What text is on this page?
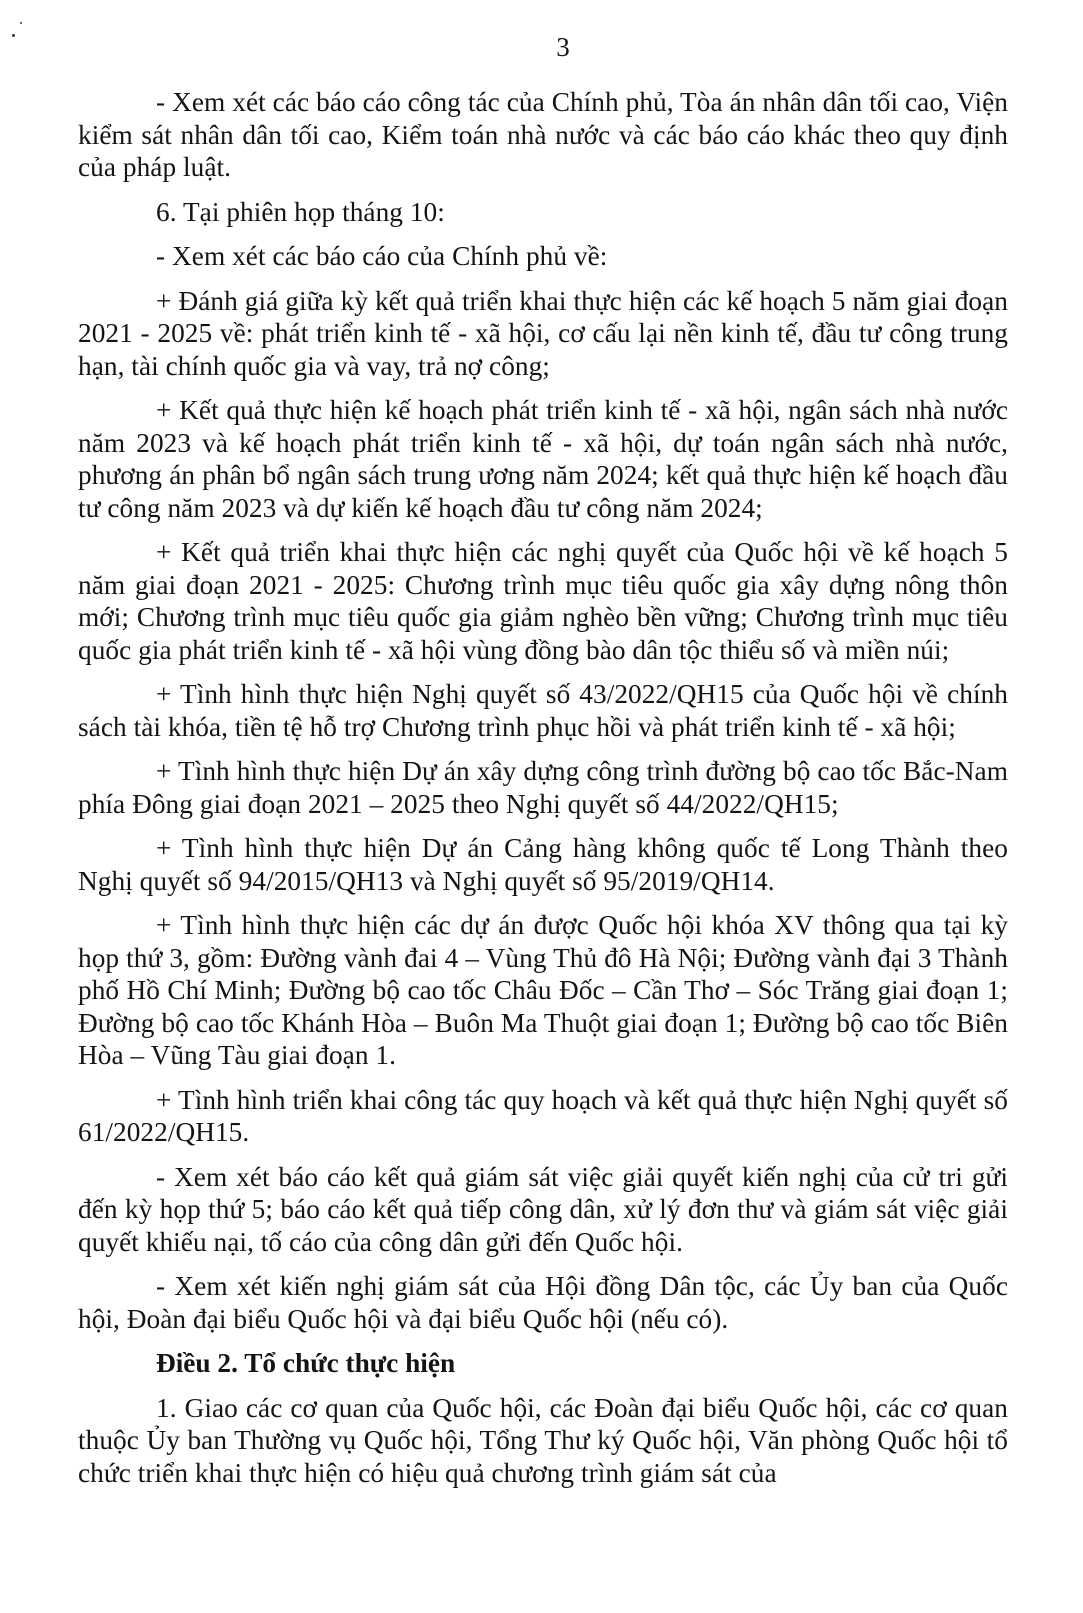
3

- Xem xét các báo cáo công tác của Chính phủ, Tòa án nhân dân tối cao, Viện kiểm sát nhân dân tối cao, Kiểm toán nhà nước và các báo cáo khác theo quy định của pháp luật.

6. Tại phiên họp tháng 10:

- Xem xét các báo cáo của Chính phủ về:

+ Đánh giá giữa kỳ kết quả triển khai thực hiện các kế hoạch 5 năm giai đoạn 2021 - 2025 về: phát triển kinh tế - xã hội, cơ cấu lại nền kinh tế, đầu tư công trung hạn, tài chính quốc gia và vay, trả nợ công;

+ Kết quả thực hiện kế hoạch phát triển kinh tế - xã hội, ngân sách nhà nước năm 2023 và kế hoạch phát triển kinh tế - xã hội, dự toán ngân sách nhà nước, phương án phân bổ ngân sách trung ương năm 2024; kết quả thực hiện kế hoạch đầu tư công năm 2023 và dự kiến kế hoạch đầu tư công năm 2024;

+ Kết quả triển khai thực hiện các nghị quyết của Quốc hội về kế hoạch 5 năm giai đoạn 2021 - 2025: Chương trình mục tiêu quốc gia xây dựng nông thôn mới; Chương trình mục tiêu quốc gia giảm nghèo bền vững; Chương trình mục tiêu quốc gia phát triển kinh tế - xã hội vùng đồng bào dân tộc thiểu số và miền núi;

+ Tình hình thực hiện Nghị quyết số 43/2022/QH15 của Quốc hội về chính sách tài khóa, tiền tệ hỗ trợ Chương trình phục hồi và phát triển kinh tế - xã hội;

+ Tình hình thực hiện Dự án xây dựng công trình đường bộ cao tốc Bắc-Nam phía Đông giai đoạn 2021 – 2025 theo Nghị quyết số 44/2022/QH15;

+ Tình hình thực hiện Dự án Cảng hàng không quốc tế Long Thành theo Nghị quyết số 94/2015/QH13 và Nghị quyết số 95/2019/QH14.

+ Tình hình thực hiện các dự án được Quốc hội khóa XV thông qua tại kỳ họp thứ 3, gồm: Đường vành đai 4 – Vùng Thủ đô Hà Nội; Đường vành đại 3 Thành phố Hồ Chí Minh; Đường bộ cao tốc Châu Đốc – Cần Thơ – Sóc Trăng giai đoạn 1; Đường bộ cao tốc Khánh Hòa – Buôn Ma Thuột giai đoạn 1; Đường bộ cao tốc Biên Hòa – Vũng Tàu giai đoạn 1.

+ Tình hình triển khai công tác quy hoạch và kết quả thực hiện Nghị quyết số 61/2022/QH15.

- Xem xét báo cáo kết quả giám sát việc giải quyết kiến nghị của cử tri gửi đến kỳ họp thứ 5; báo cáo kết quả tiếp công dân, xử lý đơn thư và giám sát việc giải quyết khiếu nại, tố cáo của công dân gửi đến Quốc hội.

- Xem xét kiến nghị giám sát của Hội đồng Dân tộc, các Ủy ban của Quốc hội, Đoàn đại biểu Quốc hội và đại biểu Quốc hội (nếu có).

Điều 2. Tổ chức thực hiện

1. Giao các cơ quan của Quốc hội, các Đoàn đại biểu Quốc hội, các cơ quan thuộc Ủy ban Thường vụ Quốc hội, Tổng Thư ký Quốc hội, Văn phòng Quốc hội tổ chức triển khai thực hiện có hiệu quả chương trình giám sát của
